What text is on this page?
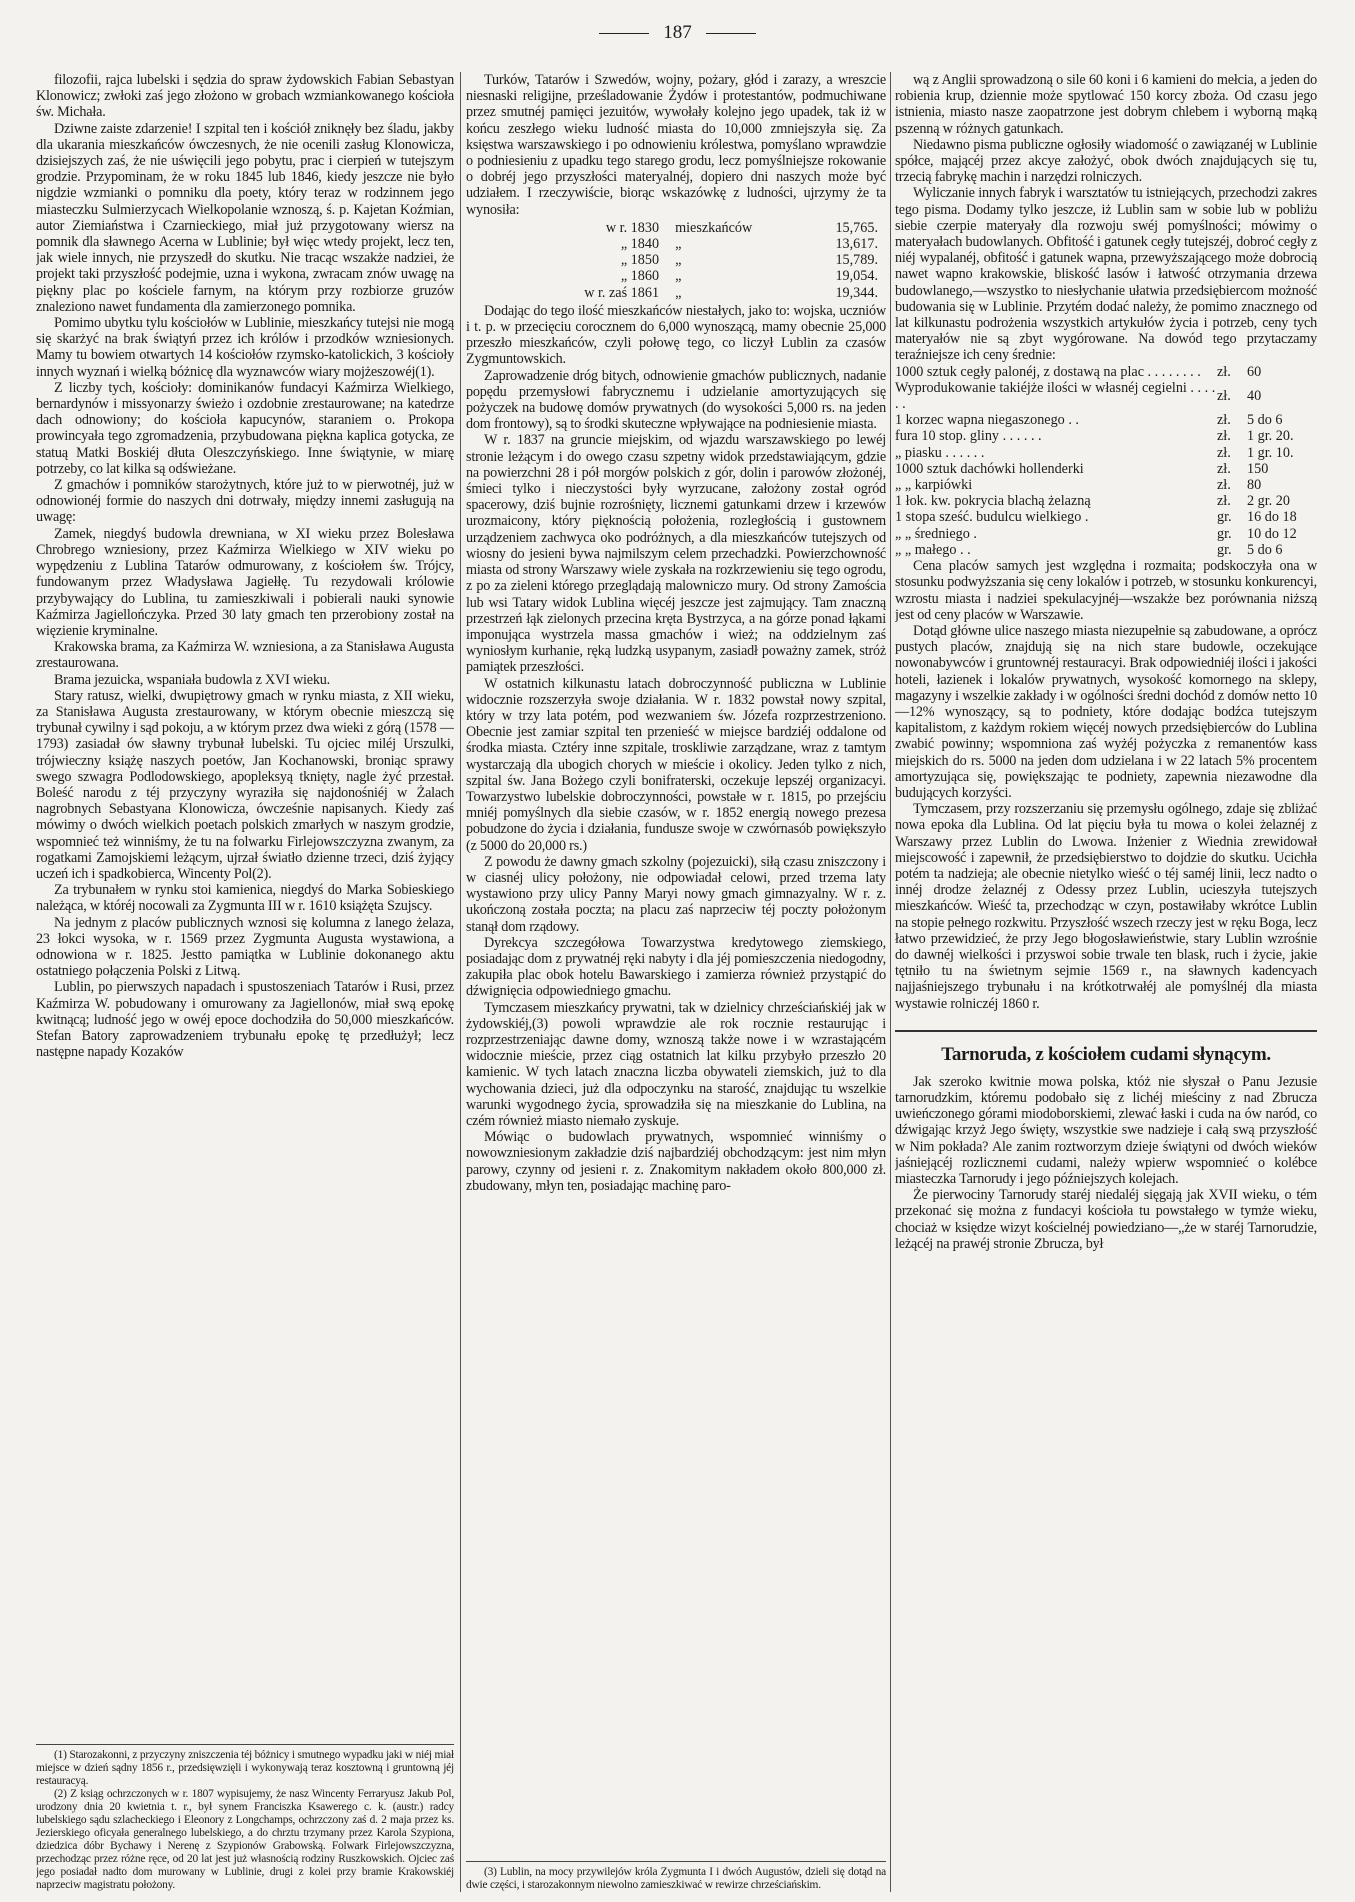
187

filozofii, rajca lubelski i sędzia do spraw żydowskich Fabian Sebastyan Klonowicz; zwłoki zaś jego złożono w grobach wzmiankowanego kościoła św. Michała.

Dziwne zaiste zdarzenie! I szpital ten i kościół zniknęły bez śladu, jakby dla ukarania mieszkańców ówczesnych, że nie ocenili zasług Klonowicza, dzisiejszych zaś, że nie uświęcili jego pobytu, prac i cierpień w tutejszym grodzie. Przypominam, że w roku 1845 lub 1846, kiedy jeszcze nie było nigdzie wzmianki o pomniku dla poety, który teraz w rodzinnem jego miasteczku Sulmierzycach Wielkopolanie wznoszą, ś. p. Kajetan Koźmian, autor Ziemiaństwa i Czarnieckiego, miał już przygotowany wiersz na pomnik dla sławnego Acerna w Lublinie; był więc wtedy projekt, lecz ten, jak wiele innych, nie przyszedł do skutku. Nie tracąc wszakże nadziei, że projekt taki przyszłość podejmie, uzna i wykona, zwracam znów uwagę na piękny plac po kościele farnym, na którym przy rozbiorze gruzów znaleziono nawet fundamenta dla zamierzonego pomnika.

Pomimo ubytku tylu kościołów w Lublinie, mieszkańcy tutejsi nie mogą się skarżyć na brak świątyń przez ich królów i przodków wzniesionych. Mamy tu bowiem otwartych 14 kościołów rzymsko-katolickich, 3 kościoły innych wyznań i wielką bóżnicę dla wyznawców wiary mojżeszowéj(1).

Z liczby tych, kościoły: dominikanów fundacyi Kaźmirza Wielkiego, bernardynów i missyonarzy świeżo i ozdobnie zrestaurowane; na katedrze dach odnowiony; do kościoła kapucynów, staraniem o. Prokopa prowincyała tego zgromadzenia, przybudowana piękna kaplica gotycka, ze statuą Matki Boskiéj dłuta Oleszczyńskiego. Inne świątynie, w miarę potrzeby, co lat kilka są odświeżane.

Z gmachów i pomników starożytnych, które już to w pierwotnéj, już w odnowionéj formie do naszych dni dotrwały, między innemi zasługują na uwagę:

Zamek, niegdyś budowla drewniana, w XI wieku przez Bolesława Chrobrego wzniesiony, przez Kaźmirza Wielkiego w XIV wieku po wypędzeniu z Lublina Tatarów odmurowany, z kościołem św. Trójcy, fundowanym przez Władysława Jagiełłę. Tu rezydowali królowie przybywający do Lublina, tu zamieszkiwali i pobierali nauki synowie Kaźmirza Jagiellończyka. Przed 30 laty gmach ten przerobiony został na więzienie kryminalne.

Krakowska brama, za Kaźmirza W. wzniesiona, a za Stanisława Augusta zrestaurowana.

Brama jezuicka, wspaniała budowla z XVI wieku.

Stary ratusz, wielki, dwupiętrowy gmach w rynku miasta, z XII wieku, za Stanisława Augusta zrestaurowany, w którym obecnie mieszczą się trybunał cywilny i sąd pokoju, a w którym przez dwa wieki z górą (1578 — 1793) zasiadał ów sławny trybunał lubelski. Tu ojciec miléj Urszulki, trójwieczny książę naszych poetów, Jan Kochanowski, broniąc sprawy swego szwagra Podlodowskiego, apopleksyą tknięty, nagle żyć przestał. Boleść narodu z téj przyczyny wyraziła się najdonośniéj w Żalach nagrobnych Sebastyana Klonowicza, ówcześnie napisanych. Kiedy zaś mówimy o dwóch wielkich poetach polskich zmarłych w naszym grodzie, wspomnieć też winniśmy, że tu na folwarku Firlejowszczyzna zwanym, za rogatkami Zamojskiemi leżącym, ujrzał światło dzienne trzeci, dziś żyjący uczeń ich i spadkobierca, Wincenty Pol(2).

Za trybunałem w rynku stoi kamienica, niegdyś do Marka Sobieskiego należąca, w któréj nocowali za Zygmunta III w r. 1610 książęta Szujscy.

Na jednym z placów publicznych wznosi się kolumna z lanego żelaza, 23 łokci wysoka, w r. 1569 przez Zygmunta Augusta wystawiona, a odnowiona w r. 1825. Jestto pamiątka w Lublinie dokonanego aktu ostatniego połączenia Polski z Litwą.

Lublin, po pierwszych napadach i spustoszeniach Tatarów i Rusi, przez Kaźmirza W. pobudowany i omurowany za Jagiellonów, miał swą epokę kwitnącą; ludność jego w owéj epoce dochodziła do 50,000 mieszkańców. Stefan Batory zaprowadzeniem trybunału epokę tę przedłużył; lecz następne napady Kozaków

(1) Starozakonni, z przyczyny zniszczenia téj bóżnicy i smutnego wypadku jaki w niéj miał miejsce w dzień sądny 1856 r., przedsięwzięli i wykonywają teraz kosztowną i gruntowną jéj restauracyą.

(2) Z ksiąg ochrzczonych w r. 1807 wypisujemy, że nasz Wincenty Ferraryusz Jakub Pol, urodzony dnia 20 kwietnia t. r., był synem Franciszka Ksawerego c. k. (austr.) radcy lubelskiego sądu szlacheckiego i Eleonory z Longchamps, ochrzczony zaś d. 2 maja przez ks. Jezierskiego oficyała generalnego lubelskiego, a do chrztu trzymany przez Karola Szypiona, dziedzica dóbr Bychawy i Nerenę z Szypionów Grabowską. Folwark Firlejowszczyzna, przechodząc przez różne ręce, od 20 lat jest już własnością rodziny Ruszkowskich. Ojciec zaś jego posiadał nadto dom murowany w Lublinie, drugi z kolei przy bramie Krakowskiéj naprzeciw magistratu położony.

Turków, Tatarów i Szwedów, wojny, pożary, głód i zarazy, a wreszcie niesnaski religijne, prześladowanie Żydów i protestantów, podmuchiwane przez smutnéj pamięci jezuitów, wywołały kolejno jego upadek, tak iż w końcu zeszłego wieku ludność miasta do 10,000 zmniejszyła się. Za księstwa warszawskiego i po odnowieniu królestwa, pomyślano wprawdzie o podniesieniu z upadku tego starego grodu, lecz pomyślniejsze rokowanie o dobréj jego przyszłości materyalnéj, dopiero dni naszych może być udziałem. I rzeczywiście, biorąc wskazówkę z ludności, ujrzymy że ta wynosiła:

w r. 1830	mieszkańców	15,765.
„ 1840	„	13,617.
„ 1850	„	15,789.
„ 1860	„	19,054.
w r. zaś 1861	„	19,344.

Dodając do tego ilość mieszkańców niestałych, jako to: wojska, uczniów i t. p. w przecięciu corocznem do 6,000 wynoszącą, mamy obecnie 25,000 przeszło mieszkańców, czyli połowę tego, co liczył Lublin za czasów Zygmuntowskich.

Zaprowadzenie dróg bitych, odnowienie gmachów publicznych, nadanie popędu przemysłowi fabrycznemu i udzielanie amortyzujących się pożyczek na budowę domów prywatnych (do wysokości 5,000 rs. na jeden dom frontowy), są to środki skuteczne wpływające na podniesienie miasta.

W r. 1837 na gruncie miejskim, od wjazdu warszawskiego po lewéj stronie leżącym i do owego czasu szpetny widok przedstawiającym, gdzie na powierzchni 28 i pół morgów polskich z gór, dolin i parowów złożonéj, śmieci tylko i nieczystości były wyrzucane, założony został ogród spacerowy, dziś bujnie rozrośnięty, licznemi gatunkami drzew i krzewów urozmaicony, który pięknością położenia, rozległością i gustownem urządzeniem zachwyca oko podróżnych, a dla mieszkańców tutejszych od wiosny do jesieni bywa najmilszym celem przechadzki. Powierzchowność miasta od strony Warszawy wiele zyskała na rozkrzewieniu się tego ogrodu, z po za zieleni którego przeglądają malowniczo mury. Od strony Zamościa lub wsi Tatary widok Lublina więcéj jeszcze jest zajmujący. Tam znaczną przestrzeń łąk zielonych przecina kręta Bystrzyca, a na górze ponad łąkami imponująca wystrzela massa gmachów i wież; na oddzielnym zaś wyniosłym kurhanie, ręką ludzką usypanym, zasiadł poważny zamek, stróż pamiątek przeszłości.

W ostatnich kilkunastu latach dobroczynność publiczna w Lublinie widocznie rozszerzyła swoje działania. W r. 1832 powstał nowy szpital, który w trzy lata potém, pod wezwaniem św. Józefa rozprzestrzeniono. Obecnie jest zamiar szpital ten przenieść w miejsce bardziéj oddalone od środka miasta. Cztéry inne szpitale, troskliwie zarządzane, wraz z tamtym wystarczają dla ubogich chorych w mieście i okolicy. Jeden tylko z nich, szpital św. Jana Bożego czyli bonifraterski, oczekuje lepszéj organizacyi. Towarzystwo lubelskie dobroczynności, powstałe w r. 1815, po przejściu mniéj pomyślnych dla siebie czasów, w r. 1852 energią nowego prezesa pobudzone do życia i działania, fundusze swoje w czwórnasób powiększyło (z 5000 do 20,000 rs.)

Z powodu że dawny gmach szkolny (pojezuicki), siłą czasu zniszczony i w ciasnéj ulicy położony, nie odpowiadał celowi, przed trzema laty wystawiono przy ulicy Panny Maryi nowy gmach gimnazyalny. W r. z. ukończoną została poczta; na placu zaś naprzeciw téj poczty położonym stanął dom rządowy.

Dyrekcya szczegółowa Towarzystwa kredytowego ziemskiego, posiadając dom z prywatnéj ręki nabyty i dla jéj pomieszczenia niedogodny, zakupiła plac obok hotelu Bawarskiego i zamierza również przystąpić do dźwignięcia odpowiedniego gmachu.

Tymczasem mieszkańcy prywatni, tak w dzielnicy chrześciańskiéj jak w żydowskiéj,(3) powoli wprawdzie ale rok rocznie restaurując i rozprzestrzeniając dawne domy, wznoszą także nowe i w wzrastającém widocznie mieście, przez ciąg ostatnich lat kilku przybyło przeszło 20 kamienic. W tych latach znaczna liczba obywateli ziemskich, już to dla wychowania dzieci, już dla odpoczynku na starość, znajdując tu wszelkie warunki wygodnego życia, sprowadziła się na mieszkanie do Lublina, na czém również miasto niemało zyskuje.

Mówiąc o budowlach prywatnych, wspomnieć winniśmy o nowowzniesionym zakładzie dziś najbardziéj obchodzącym: jest nim młyn parowy, czynny od jesieni r. z. Znakomitym nakładem około 800,000 zł. zbudowany, młyn ten, posiadając machinę paro-

(3) Lublin, na mocy przywilejów króla Zygmunta I i dwóch Augustów, dzieli się dotąd na dwie części, i starozakonnym niewolno zamieszkiwać w rewirze chrześciańskim.

wą z Anglii sprowadzoną o sile 60 koni i 6 kamieni do mełcia, a jeden do robienia krup, dziennie może spytlować 150 korcy zboża. Od czasu jego istnienia, miasto nasze zaopatrzone jest dobrym chlebem i wyborną mąką pszenną w różnych gatunkach.

Niedawno pisma publiczne ogłosiły wiadomość o zawiązanéj w Lublinie spółce, mającéj przez akcye założyć, obok dwóch znajdujących się tu, trzecią fabrykę machin i narzędzi rolniczych.

Wyliczanie innych fabryk i warsztatów tu istniejących, przechodzi zakres tego pisma. Dodamy tylko jeszcze, iż Lublin sam w sobie lub w pobliżu siebie czerpie materyały dla rozwoju swéj pomyślności; mówimy o materyałach budowlanych. Obfitość i gatunek cegły tutejszéj, dobroć cegły z niéj wypalanéj, obfitość i gatunek wapna, przewyższającego może dobrocią nawet wapno krakowskie, bliskość lasów i łatwość otrzymania drzewa budowlanego,—wszystko to niesłychanie ułatwia przedsiębiercom możność budowania się w Lublinie. Przytém dodać należy, że pomimo znacznego od lat kilkunastu podrożenia wszystkich artykułów życia i potrzeb, ceny tych materyałów nie są zbyt wygórowane. Na dowód tego przytaczamy teraźniejsze ich ceny średnie:

1000 sztuk cegły palonéj, z dostawą na plac . . . . . . . .	zł.	60
Wyprodukowanie takiéjże ilości w własnéj cegielni . . . . . .	zł.	40
1 korzec wapna niegaszonego . .	zł.	5 do 6
fura 10 stop. gliny . . . . . .	zł.	1 gr. 20.
„ piasku . . . . . .	zł.	1 gr. 10.
1000 sztuk dachówki hollenderki	zł.	150
„ „ karpiówki	zł.	80
1 łok. kw. pokrycia blachą żelazną	zł.	2 gr. 20
1 stopa sześć. budulcu wielkiego .	gr.	16 do 18
„ „ średniego .	gr.	10 do 12
„ „ małego . .	gr.	5 do 6

Cena placów samych jest względna i rozmaita; podskoczyła ona w stosunku podwyższania się ceny lokalów i potrzeb, w stosunku konkurencyi, wzrostu miasta i nadziei spekulacyjnéj—wszakże bez porównania niższą jest od ceny placów w Warszawie.

Dotąd główne ulice naszego miasta niezupełnie są zabudowane, a oprócz pustych placów, znajdują się na nich stare budowle, oczekujące nowonabywców i gruntownéj restauracyi. Brak odpowiedniéj ilości i jakości hoteli, łazienek i lokalów prywatnych, wysokość komornego na sklepy, magazyny i wszelkie zakłady i w ogólności średni dochód z domów netto 10—12% wynoszący, są to podniety, które dodając bodźca tutejszym kapitalistom, z każdym rokiem więcéj nowych przedsiębierców do Lublina zwabić powinny; wspomniona zaś wyżéj pożyczka z remanentów kass miejskich do rs. 5000 na jeden dom udzielana i w 22 latach 5% procentem amortyzująca się, powiększając te podniety, zapewnia niezawodne dla budujących korzyści.

Tymczasem, przy rozszerzaniu się przemysłu ogólnego, zdaje się zbliżać nowa epoka dla Lublina. Od lat pięciu była tu mowa o kolei żelaznéj z Warszawy przez Lublin do Lwowa. Inżenier z Wiednia zrewidował miejscowość i zapewnił, że przedsiębierstwo to dojdzie do skutku. Ucichła potém ta nadzieja; ale obecnie nietylko wieść o téj saméj linii, lecz nadto o innéj drodze żelaznéj z Odessy przez Lublin, ucieszyła tutejszych mieszkańców. Wieść ta, przechodząc w czyn, postawiłaby wkrótce Lublin na stopie pełnego rozkwitu. Przyszłość wszech rzeczy jest w ręku Boga, lecz łatwo przewidzieć, że przy Jego błogosławieństwie, stary Lublin wzrośnie do dawnéj wielkości i przyswoi sobie trwale ten blask, ruch i życie, jakie tętniło tu na świetnym sejmie 1569 r., na sławnych kadencyach najjaśniejszego trybunału i na krótkotrwałéj ale pomyślnéj dla miasta wystawie rolniczéj 1860 r.

Tarnoruda, z kościołem cudami słynącym.

Jak szeroko kwitnie mowa polska, któż nie słyszał o Panu Jezusie tarnorudzkim, któremu podobało się z lichéj mieściny z nad Zbrucza uwieńczonego górami miodoborskiemi, zlewać łaski i cuda na ów naród, co dźwigając krzyż Jego święty, wszystkie swe nadzieje i całą swą przyszłość w Nim pokłada? Ale zanim roztworzym dzieje świątyni od dwóch wieków jaśniejącéj rozlicznemi cudami, należy wpierw wspomnieć o kolébce miasteczka Tarnorudy i jego późniejszych kolejach.

Że pierwociny Tarnorudy staréj niedaléj sięgają jak XVII wieku, o tém przekonać się można z fundacyi kościoła tu powstałego w tymże wieku, chociaż w księdze wizyt kościelnéj powiedziano—„że w staréj Tarnorudzie, leżącéj na prawéj stronie Zbrucza, był
